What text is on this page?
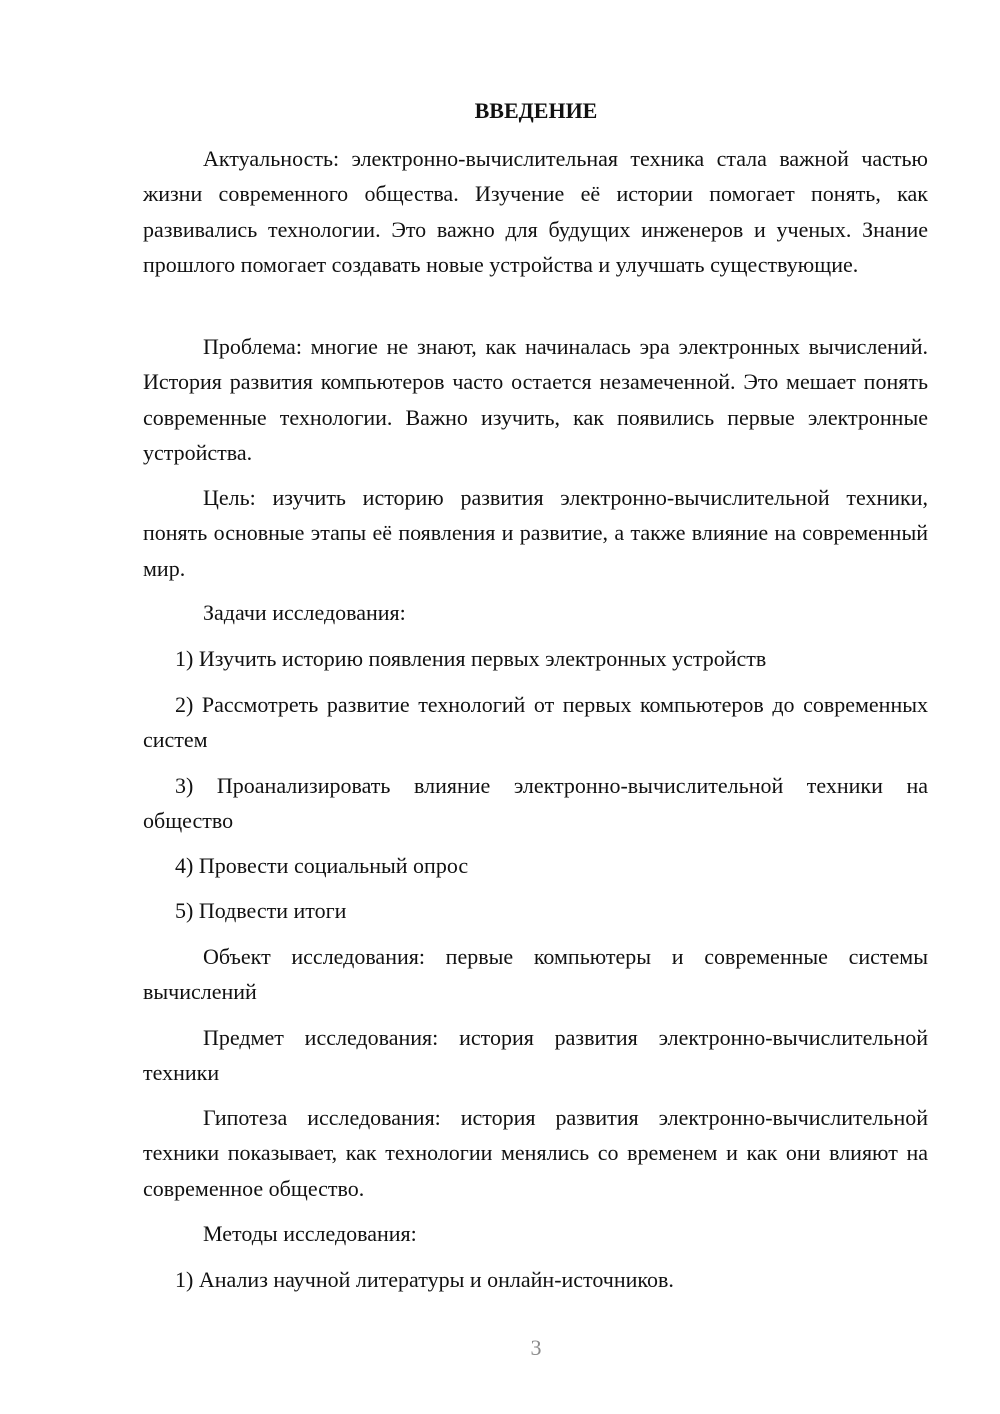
ВВЕДЕНИЕ

Актуальность: электронно-вычислительная техника стала важной частью жизни современного общества. Изучение её истории помогает понять, как развивались технологии. Это важно для будущих инженеров и ученых. Знание прошлого помогает создавать новые устройства и улучшать существующие.

Проблема: многие не знают, как начиналась эра электронных вычислений. История развития компьютеров часто остается незамеченной. Это мешает понять современные технологии. Важно изучить, как появились первые электронные устройства.

Цель: изучить историю развития электронно-вычислительной техники, понять основные этапы её появления и развитие, а также влияние на современный мир.

Задачи исследования:

1) Изучить историю появления первых электронных устройств

2) Рассмотреть развитие технологий от первых компьютеров до современных систем

3) Проанализировать влияние электронно-вычислительной техники на общество

4) Провести социальный опрос

5) Подвести итоги

Объект исследования: первые компьютеры и современные системы вычислений

Предмет исследования: история развития электронно-вычислительной техники

Гипотеза исследования: история развития электронно-вычислительной техники показывает, как технологии менялись со временем и как они влияют на современное общество.

Методы исследования:

1) Анализ научной литературы и онлайн-источников.

3
